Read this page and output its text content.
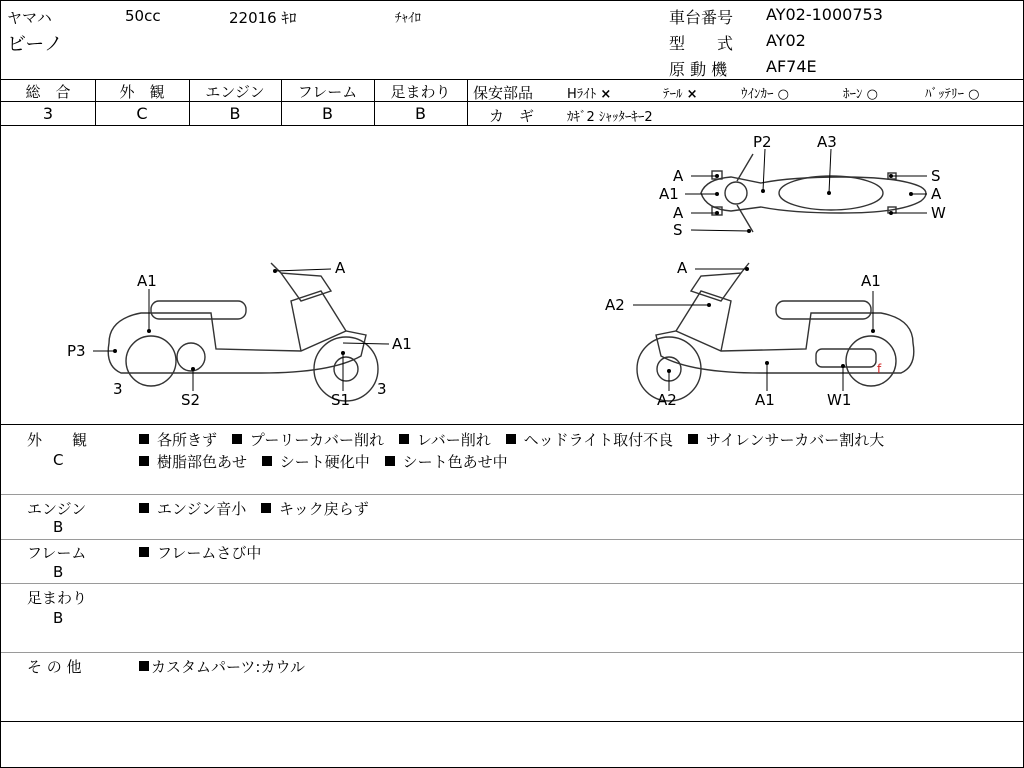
ヤマハ	50cc	22016 ｷﾛ	ﾁｬｲﾛ
ビーノ
車台番号 AY02-1000753
型　　式 AY02
原 動 機 AF74E
総　合	外　観	エンジン	フレーム	足まわり
3	C	B	B	B
保安部品	Hﾗｲﾄ ×	ﾃｰﾙ ×	ｳｲﾝｶｰ ○	ﾎｰﾝ ○	ﾊﾞｯﾃﾘｰ ○
カ　ギ	ｶｷﾞ2 ｼｬｯﾀｰｷｰ2
f
P2	A3
A
A1
A
S
S
A
W
A
A1
P3	A1
3
S2	S1
3
A
A2
A1
A1
A2	W1
外　　観
C
各所きず プーリーカバー削れ レバー削れ ヘッドライト取付不良 サイレンサーカバー割れ大
樹脂部色あせ シート硬化中 シート色あせ中
エンジン
B
エンジン音小 キック戻らず
フレーム
B
フレームさび中
足まわり
B
そ の 他	カスタムパーツ:カウル
